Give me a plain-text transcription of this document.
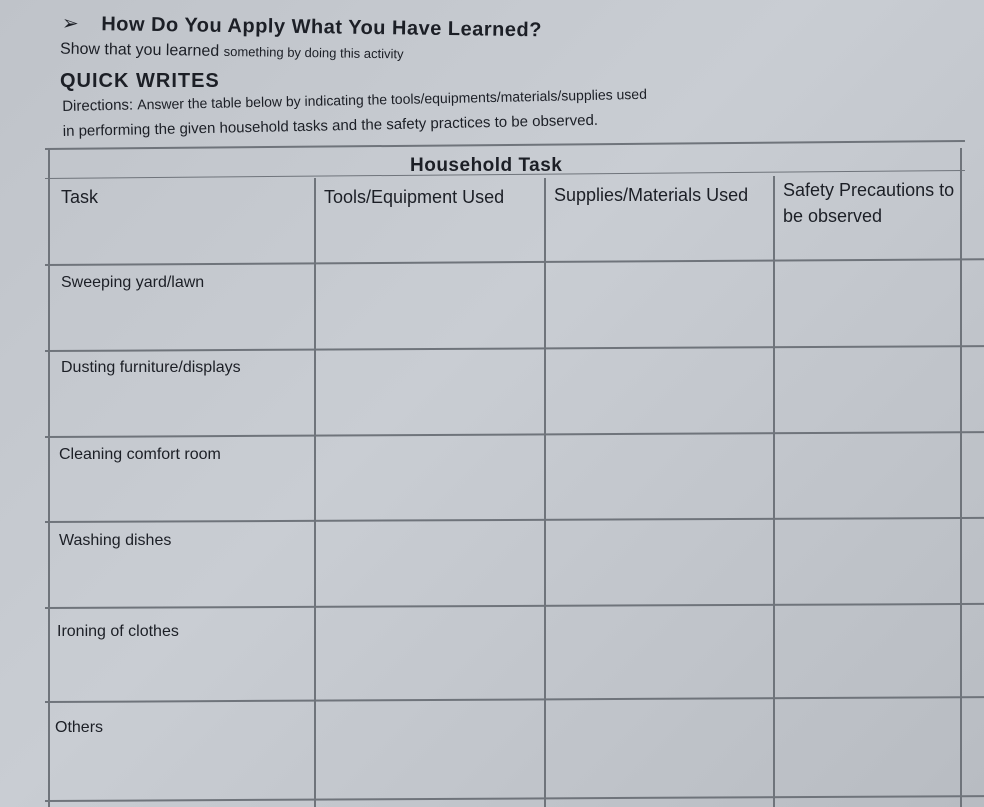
➢ How Do You Apply What You Have Learned?
Show that you learned something by doing this activity
QUICK WRITES
Directions: Answer the table below by indicating the tools/equipments/materials/supplies used
in performing the given household tasks and the safety practices to be observed.
Household Task
Task	Tools/Equipment Used	Supplies/Materials Used	Safety Precautions to be observed
Sweeping yard/lawn
Dusting furniture/displays
Cleaning comfort room
Washing dishes
Ironing of clothes
Others
